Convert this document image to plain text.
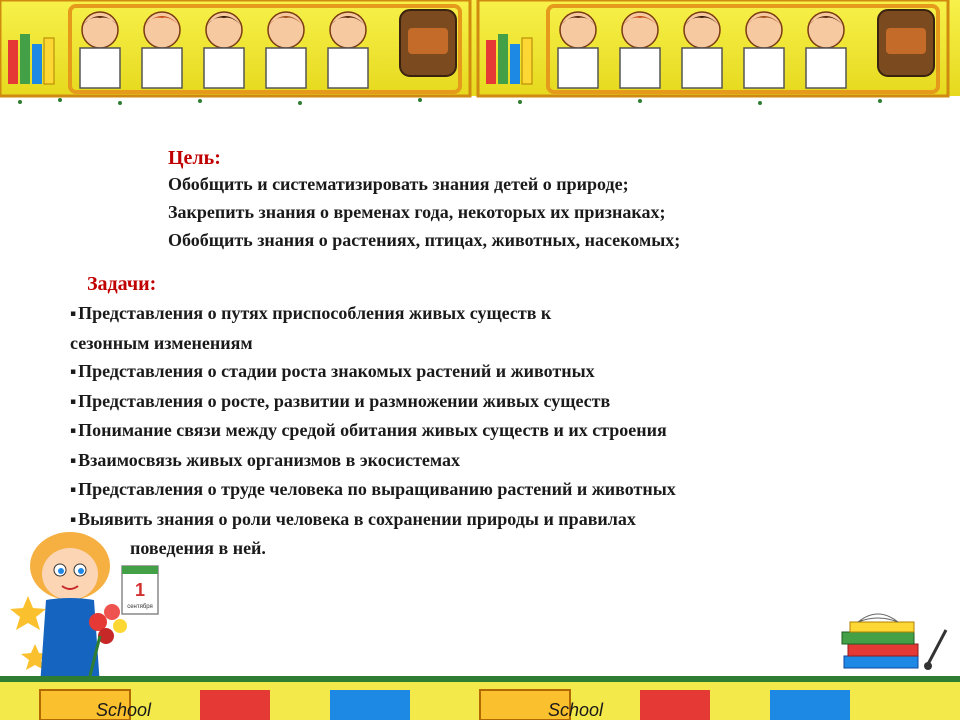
Цель:
Обобщить и систематизировать знания детей о природе;
Закрепить знания о временах года, некоторых их признаках;
Обобщить знания о растениях, птицах, животных, насекомых;
Задачи:
▪ Представления о путях приспособления живых существ к
сезонным изменениям
▪ Представления о стадии роста знакомых растений и животных
▪ Представления о росте, развитии и размножении живых существ
▪ Понимание связи между средой обитания живых существ и их строения
▪ Взаимосвязь живых организмов в экосистемах
▪ Представления о труде человека по выращиванию растений и животных
▪ Выявить знания о роли человека в сохранении природы и правилах
поведения в ней.
1
сентября
School	School
